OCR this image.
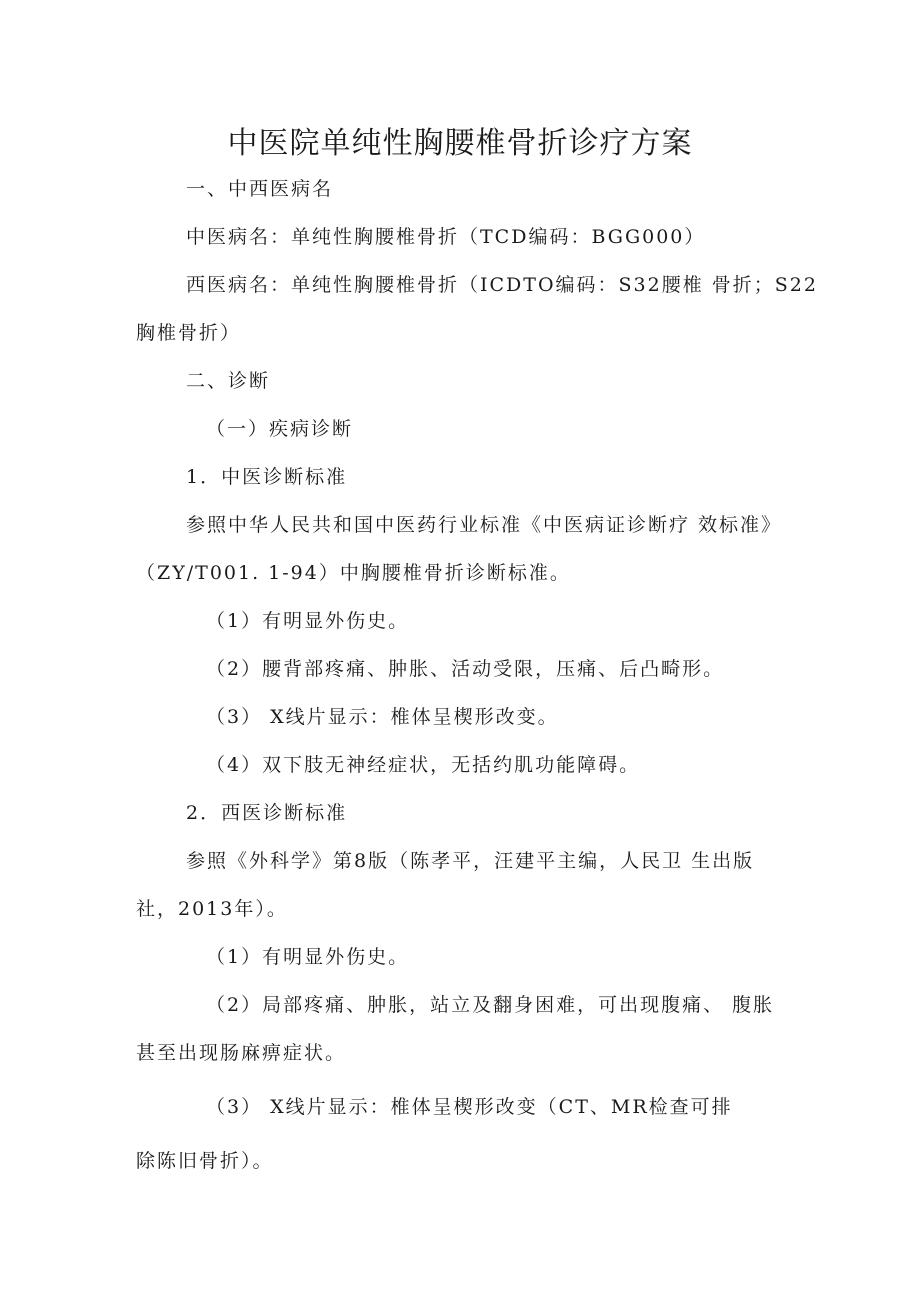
中医院单纯性胸腰椎骨折诊疗方案

一、中西医病名

中医病名：单纯性胸腰椎骨折（TCD编码：BGG000）

西医病名：单纯性胸腰椎骨折（ICDTO编码：S32腰椎 骨折；S22

胸椎骨折）

二、诊断

（一）疾病诊断

1．中医诊断标准

参照中华人民共和国中医药行业标准《中医病证诊断疗 效标准》

（ZY/T001. 1-94）中胸腰椎骨折诊断标准。

（1）有明显外伤史。

（2）腰背部疼痛、肿胀、活动受限，压痛、后凸畸形。

（3） X线片显示：椎体呈楔形改变。

（4）双下肢无神经症状，无括约肌功能障碍。

2．西医诊断标准

参照《外科学》第8版（陈孝平，汪建平主编，人民卫 生出版

社，2013年）。

（1）有明显外伤史。

（2）局部疼痛、肿胀，站立及翻身困难，可出现腹痛、 腹胀

甚至出现肠麻痹症状。

（3） X线片显示：椎体呈楔形改变（CT、MR检查可排

除陈旧骨折）。
